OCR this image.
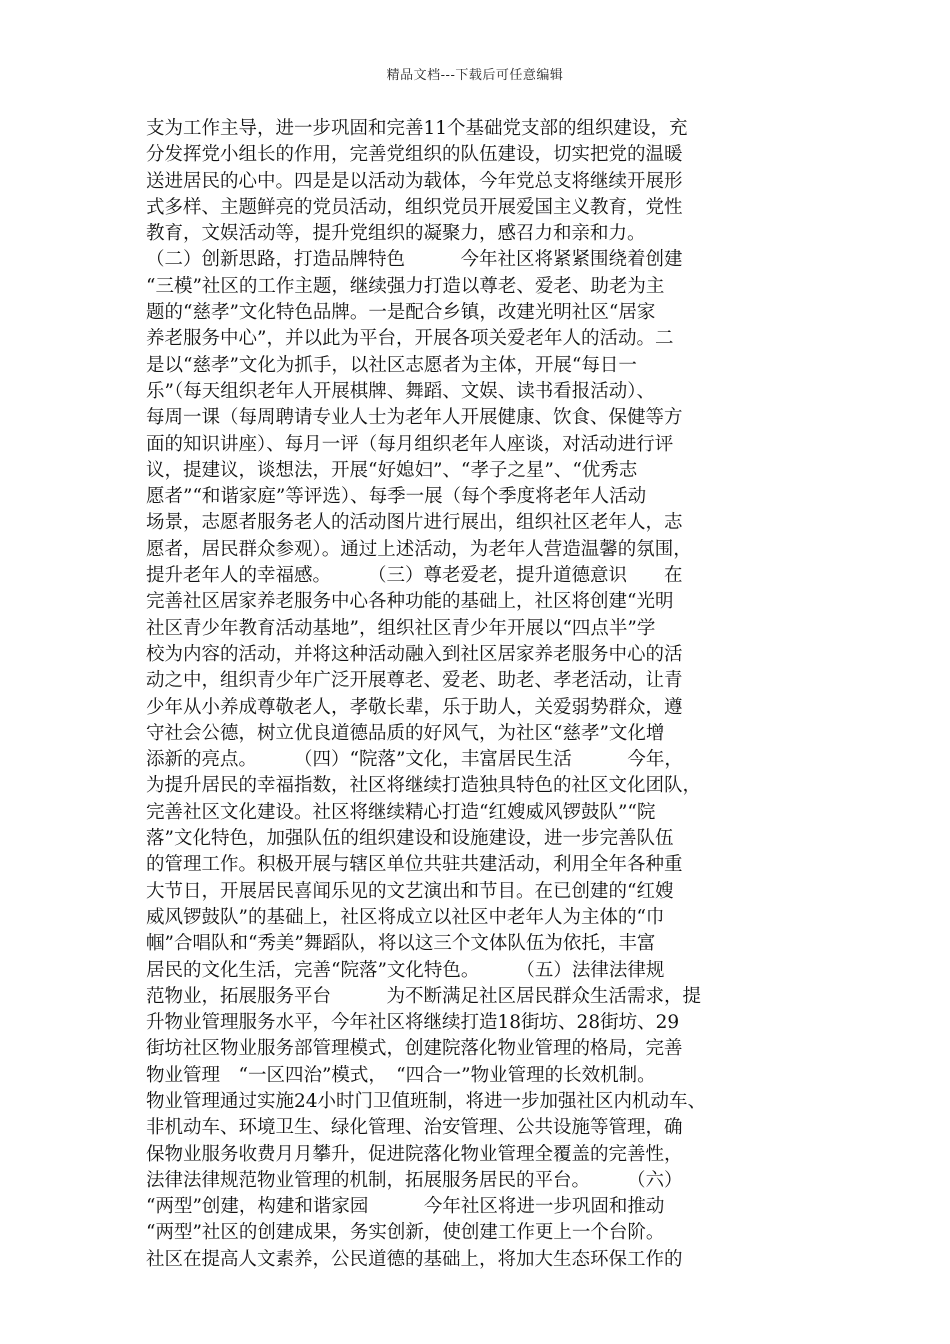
精品文档---下载后可任意编辑
支为工作主导，进一步巩固和完善11个基础党支部的组织建设，充
分发挥党小组长的作用，完善党组织的队伍建设，切实把党的温暖
送进居民的心中。四是是以活动为载体，今年党总支将继续开展形
式多样、主题鲜亮的党员活动，组织党员开展爱国主义教育，党性
教育，文娱活动等，提升党组织的凝聚力，感召力和亲和力。
（二）创新思路，打造品牌特色　　　今年社区将紧紧围绕着创建
“三模”社区的工作主题，继续强力打造以尊老、爱老、助老为主
题的“慈孝”文化特色品牌。一是配合乡镇，改建光明社区“居家
养老服务中心”，并以此为平台，开展各项关爱老年人的活动。二
是以“慈孝”文化为抓手，以社区志愿者为主体，开展“每日一
乐”（每天组织老年人开展棋牌、舞蹈、文娱、读书看报活动）、
每周一课（每周聘请专业人士为老年人开展健康、饮食、保健等方
面的知识讲座）、每月一评（每月组织老年人座谈，对活动进行评
议，提建议，谈想法，开展“好媳妇”、“孝子之星”、“优秀志
愿者”“和谐家庭”等评选）、每季一展（每个季度将老年人活动
场景，志愿者服务老人的活动图片进行展出，组织社区老年人，志
愿者，居民群众参观）。通过上述活动，为老年人营造温馨的氛围，
提升老年人的幸福感。　　　（三）尊老爱老，提升道德意识　　在
完善社区居家养老服务中心各种功能的基础上，社区将创建“光明
社区青少年教育活动基地”，组织社区青少年开展以“四点半”学
校为内容的活动，并将这种活动融入到社区居家养老服务中心的活
动之中，组织青少年广泛开展尊老、爱老、助老、孝老活动，让青
少年从小养成尊敬老人，孝敬长辈，乐于助人，关爱弱势群众，遵
守社会公德，树立优良道德品质的好风气，为社区“慈孝”文化增
添新的亮点。　　　（四）“院落”文化，丰富居民生活　　　今年，
为提升居民的幸福指数，社区将继续打造独具特色的社区文化团队，
完善社区文化建设。社区将继续精心打造“红嫂威风锣鼓队”“院
落”文化特色，加强队伍的组织建设和设施建设，进一步完善队伍
的管理工作。积极开展与辖区单位共驻共建活动，利用全年各种重
大节日，开展居民喜闻乐见的文艺演出和节目。在已创建的“红嫂
威风锣鼓队”的基础上，社区将成立以社区中老年人为主体的“巾
帼”合唱队和“秀美”舞蹈队，将以这三个文体队伍为依托，丰富
居民的文化生活，完善“院落”文化特色。　　　（五）法律法律规
范物业，拓展服务平台　　　为不断满足社区居民群众生活需求，提
升物业管理服务水平，今年社区将继续打造18街坊、28街坊、29
街坊社区物业服务部管理模式，创建院落化物业管理的格局，完善
物业管理　“一区四治”模式，　“四合一”物业管理的长效机制。
物业管理通过实施24小时门卫值班制，将进一步加强社区内机动车、
非机动车、环境卫生、绿化管理、治安管理、公共设施等管理，确
保物业服务收费月月攀升，促进院落化物业管理全覆盖的完善性，
法律法律规范物业管理的机制，拓展服务居民的平台。　　　（六）
“两型”创建，构建和谐家园　　　今年社区将进一步巩固和推动
“两型”社区的创建成果，务实创新，使创建工作更上一个台阶。
社区在提高人文素养，公民道德的基础上，将加大生态环保工作的
